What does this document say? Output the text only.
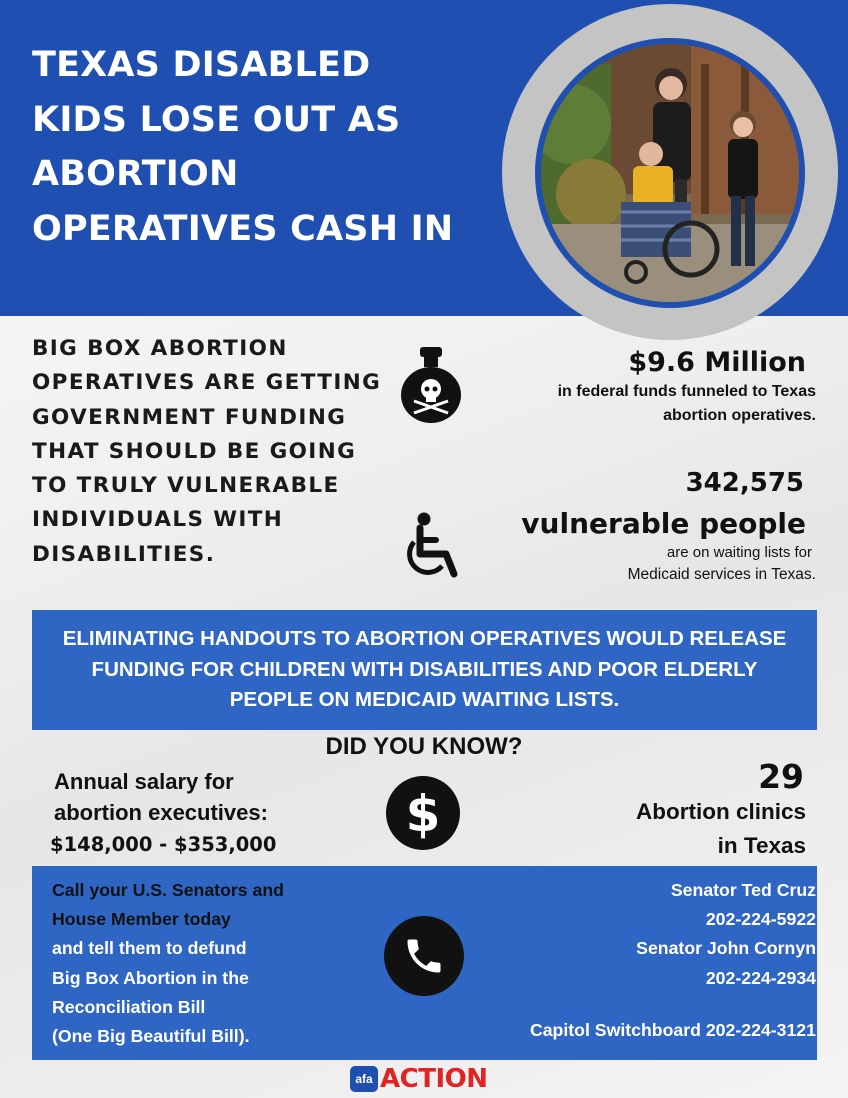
TEXAS DISABLED KIDS LOSE OUT AS ABORTION OPERATIVES CASH IN

BIG BOX ABORTION OPERATIVES ARE GETTING GOVERNMENT FUNDING THAT SHOULD BE GOING TO TRULY VULNERABLE INDIVIDUALS WITH DISABILITIES.

$9.6 Million
in federal funds funneled to Texas
abortion operatives.
342,575
vulnerable people
are on waiting lists for
Medicaid services in Texas.
ELIMINATING HANDOUTS TO ABORTION OPERATIVES WOULD RELEASE FUNDING FOR CHILDREN WITH DISABILITIES AND POOR ELDERLY PEOPLE ON MEDICAID WAITING LISTS.
DID YOU KNOW?
Annual salary for
abortion executives:
$148,000 - $353,000
$
29
Abortion clinics
in Texas
Call your U.S. Senators and
House Member today
and tell them to defund
Big Box Abortion in the
Reconciliation Bill
(One Big Beautiful Bill).
Senator Ted Cruz
202-224-5922
Senator John Cornyn
202-224-2934
Capitol Switchboard 202-224-3121
afa ACTION
